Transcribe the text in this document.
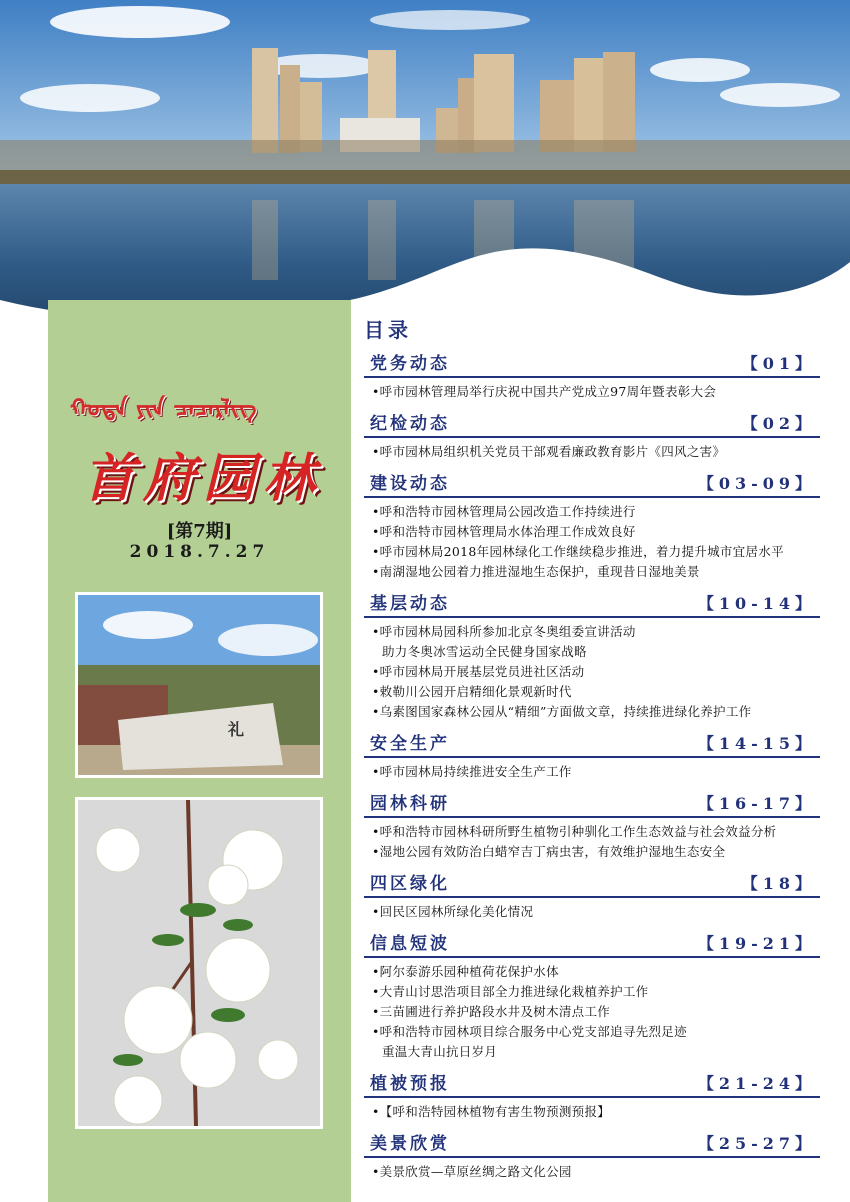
ᠬᠣᠲᠠ ᠶᠢᠨ ᠴᠡᠴᠡᠷᠯᠢᠭ
首府园林
[第7期]
2018.7.27
礼
目录
党务动态	【01】
•呼市园林管理局举行庆祝中国共产党成立97周年暨表彰大会
纪检动态	【02】
•呼市园林局组织机关党员干部观看廉政教育影片《四风之害》
建设动态	【03-09】
•呼和浩特市园林管理局公园改造工作持续进行
•呼和浩特市园林管理局水体治理工作成效良好
•呼市园林局2018年园林绿化工作继续稳步推进，着力提升城市宜居水平
•南湖湿地公园着力推进湿地生态保护，重现昔日湿地美景
基层动态	【10-14】
•呼市园林局园科所参加北京冬奥组委宣讲活动
助力冬奥冰雪运动全民健身国家战略
•呼市园林局开展基层党员进社区活动
•敕勒川公园开启精细化景观新时代
•乌素图国家森林公园从“精细”方面做文章，持续推进绿化养护工作
安全生产	【14-15】
•呼市园林局持续推进安全生产工作
园林科研	【16-17】
•呼和浩特市园林科研所野生植物引种驯化工作生态效益与社会效益分析
•湿地公园有效防治白蜡窄吉丁病虫害，有效维护湿地生态安全
四区绿化	【18】
•回民区园林所绿化美化情况
信息短波	【19-21】
•阿尔泰游乐园种植荷花保护水体
•大青山讨思浩项目部全力推进绿化栽植养护工作
•三苗圃进行养护路段水井及树木清点工作
•呼和浩特市园林项目综合服务中心党支部追寻先烈足迹
重温大青山抗日岁月
植被预报	【21-24】
•【呼和浩特园林植物有害生物预测预报】
美景欣赏	【25-27】
•美景欣赏—草原丝绸之路文化公园
